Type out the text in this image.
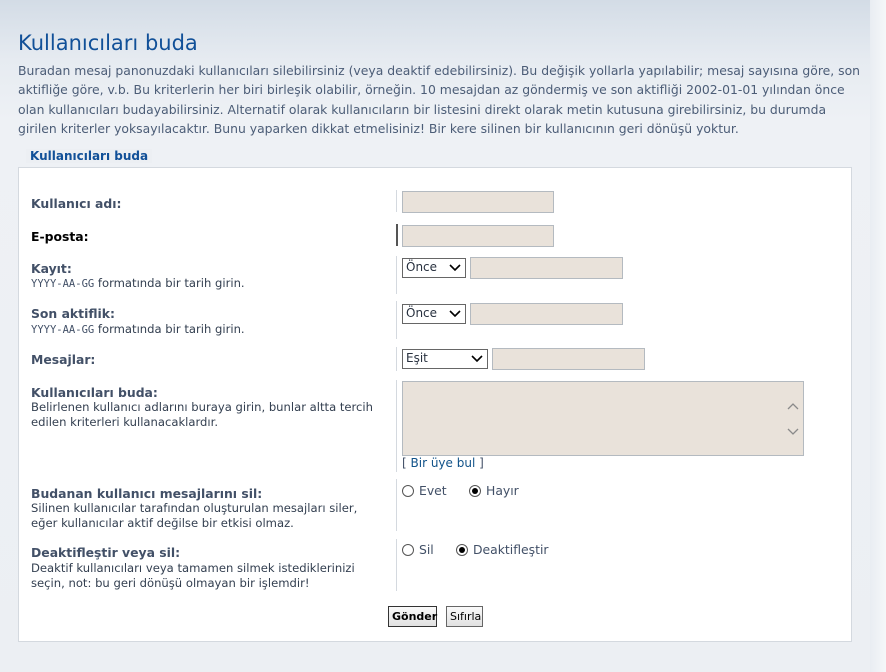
Kullanıcıları buda

Buradan mesaj panonuzdaki kullanıcıları silebilirsiniz (veya deaktif edebilirsiniz). Bu değişik yollarla yapılabilir; mesaj sayısına göre, son aktifliğe göre, v.b. Bu kriterlerin her biri birleşik olabilir, örneğin. 10 mesajdan az göndermiş ve son aktifliği 2002-01-01 yılından önce olan kullanıcıları budayabilirsiniz. Alternatif olarak kullanıcıların bir listesini direkt olarak metin kutusuna girebilirsiniz, bu durumda girilen kriterler yoksayılacaktır. Bunu yaparken dikkat etmelisiniz! Bir kere silinen bir kullanıcının geri dönüşü yoktur.

Kullanıcıları buda
Kullanıcı adı:
E-posta:
Kayıt:
YYYY-AA-GG formatında bir tarih girin.
Önce
Son aktiflik:
YYYY-AA-GG formatında bir tarih girin.
Önce
Mesajlar:	Eşit
Kullanıcıları buda:
Belirlenen kullanıcı adlarını buraya girin, bunlar altta tercih edilen kriterleri kullanacaklardır.
[ Bir üye bul ]
Budanan kullanıcı mesajlarını sil:
Silinen kullanıcılar tarafından oluşturulan mesajları siler, eğer kullanıcılar aktif değilse bir etkisi olmaz.
Evet	Hayır
Deaktifleştir veya sil:
Deaktif kullanıcıları veya tamamen silmek istediklerinizi seçin, not: bu geri dönüşü olmayan bir işlemdir!
Sil	Deaktifleştir
Gönder	Sıfırla
